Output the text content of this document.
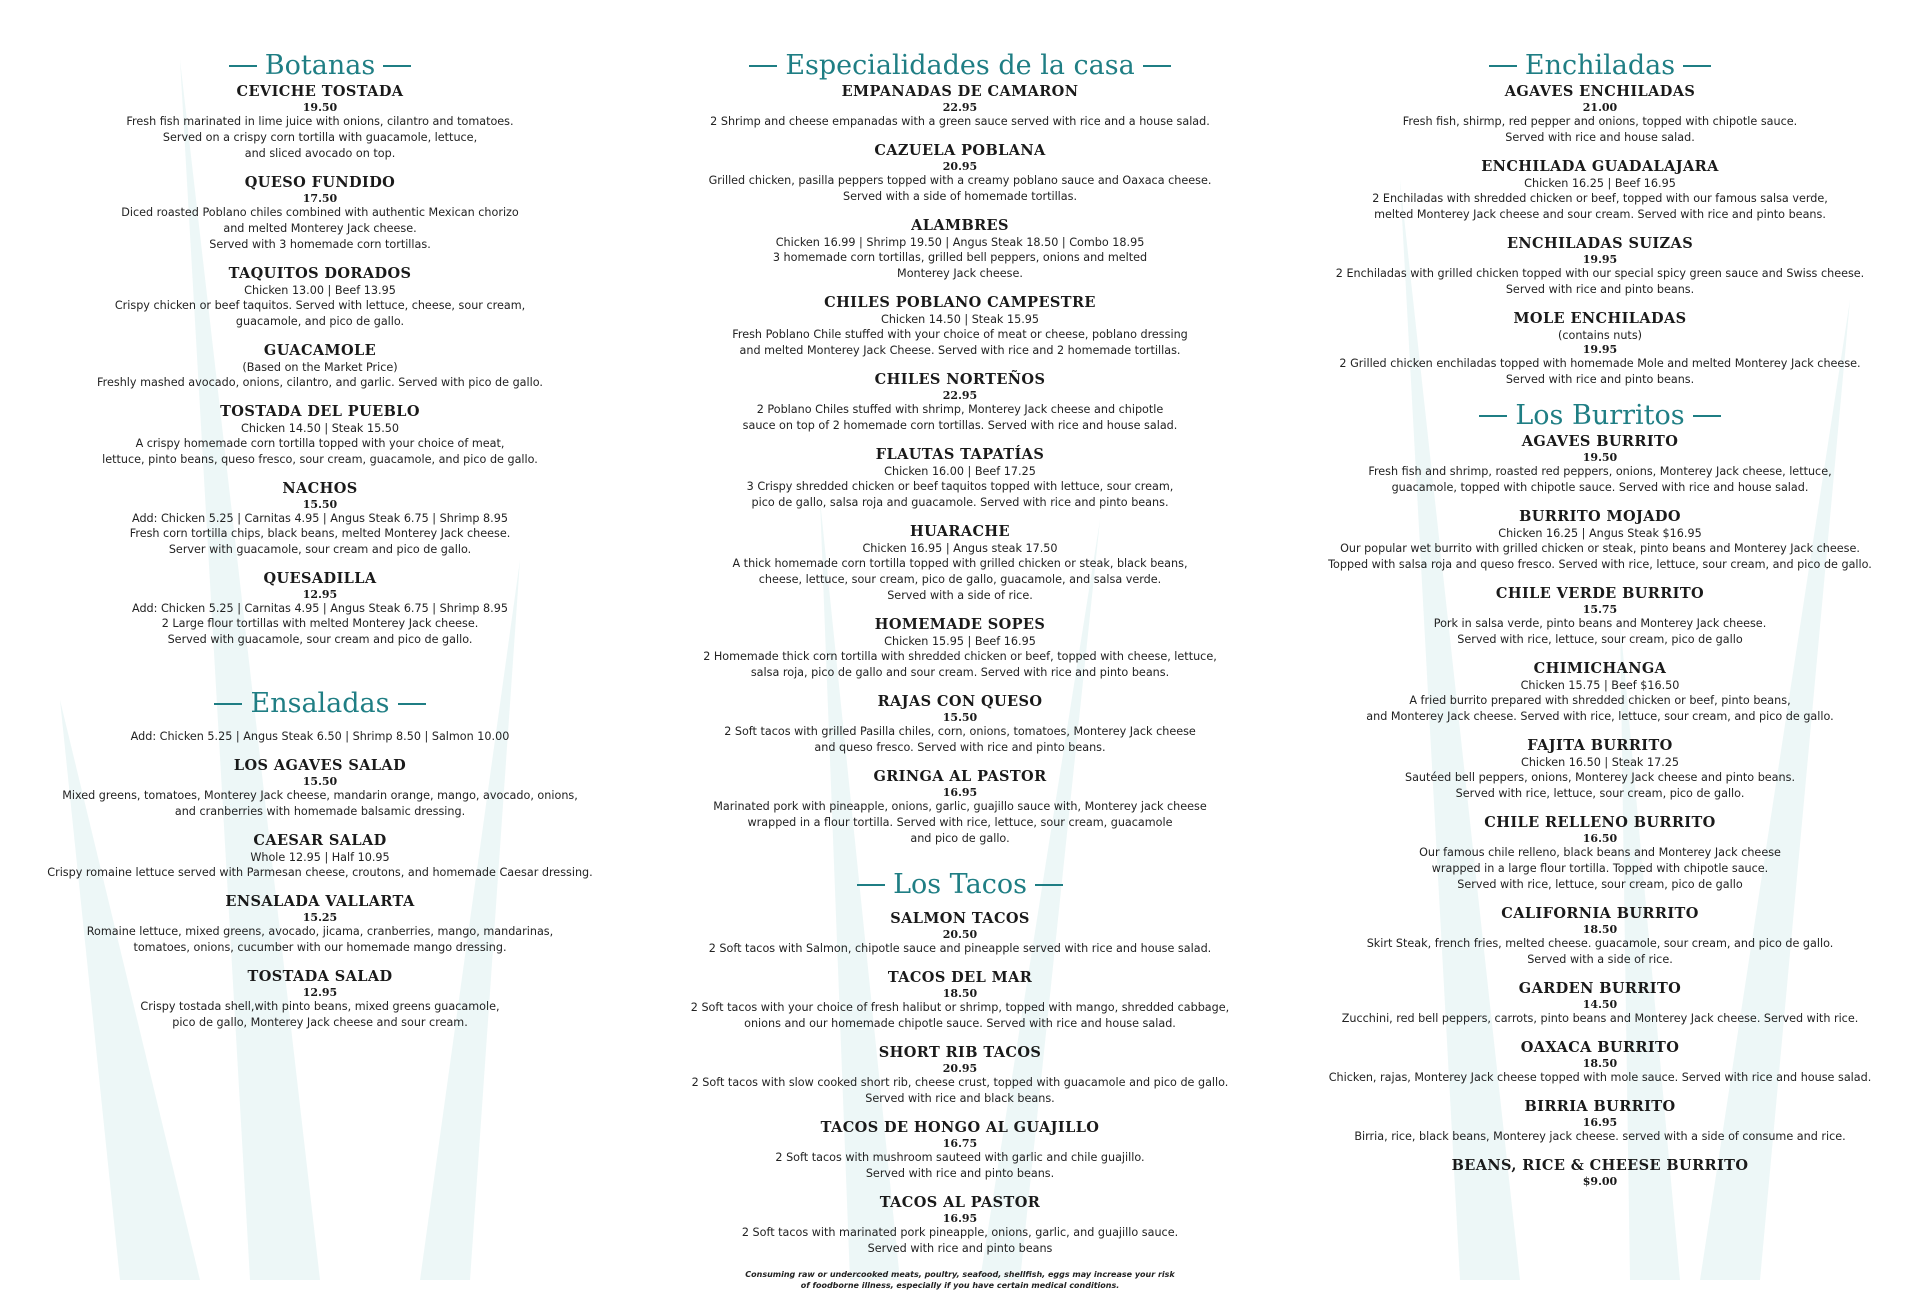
Botanas
CEVICHE TOSTADA
19.50
Fresh fish marinated in lime juice with onions, cilantro and tomatoes.
Served on a crispy corn tortilla with guacamole, lettuce,
and sliced avocado on top.
QUESO FUNDIDO
17.50
Diced roasted Poblano chiles combined with authentic Mexican chorizo
and melted Monterey Jack cheese.
Served with 3 homemade corn tortillas.
TAQUITOS DORADOS
Chicken 13.00 | Beef 13.95
Crispy chicken or beef taquitos. Served with lettuce, cheese, sour cream,
guacamole, and pico de gallo.
GUACAMOLE
(Based on the Market Price)
Freshly mashed avocado, onions, cilantro, and garlic. Served with pico de gallo.
TOSTADA DEL PUEBLO
Chicken 14.50 | Steak 15.50
A crispy homemade corn tortilla topped with your choice of meat,
lettuce, pinto beans, queso fresco, sour cream, guacamole, and pico de gallo.
NACHOS
15.50
Add: Chicken 5.25 | Carnitas 4.95 | Angus Steak 6.75 | Shrimp 8.95
Fresh corn tortilla chips, black beans, melted Monterey Jack cheese.
Server with guacamole, sour cream and pico de gallo.
QUESADILLA
12.95
Add: Chicken 5.25 | Carnitas 4.95 | Angus Steak 6.75 | Shrimp 8.95
2 Large flour tortillas with melted Monterey Jack cheese.
Served with guacamole, sour cream and pico de gallo.
Ensaladas
Add: Chicken 5.25 | Angus Steak 6.50 | Shrimp 8.50 | Salmon 10.00
LOS AGAVES SALAD
15.50
Mixed greens, tomatoes, Monterey Jack cheese, mandarin orange, mango, avocado, onions,
and cranberries with homemade balsamic dressing.
CAESAR SALAD
Whole 12.95 | Half 10.95
Crispy romaine lettuce served with Parmesan cheese, croutons, and homemade Caesar dressing.
ENSALADA VALLARTA
15.25
Romaine lettuce, mixed greens, avocado, jicama, cranberries, mango, mandarinas,
tomatoes, onions, cucumber with our homemade mango dressing.
TOSTADA SALAD
12.95
Crispy tostada shell,with pinto beans, mixed greens guacamole,
pico de gallo, Monterey Jack cheese and sour cream.
Especialidades de la casa
EMPANADAS DE CAMARON
22.95
2 Shrimp and cheese empanadas with a green sauce served with rice and a house salad.
CAZUELA POBLANA
20.95
Grilled chicken, pasilla peppers topped with a creamy poblano sauce and Oaxaca cheese.
Served with a side of homemade tortillas.
ALAMBRES
Chicken 16.99 | Shrimp 19.50 | Angus Steak 18.50 | Combo 18.95
3 homemade corn tortillas, grilled bell peppers, onions and melted
Monterey Jack cheese.
CHILES POBLANO CAMPESTRE
Chicken 14.50 | Steak 15.95
Fresh Poblano Chile stuffed with your choice of meat or cheese, poblano dressing
and melted Monterey Jack Cheese. Served with rice and 2 homemade tortillas.
CHILES NORTEÑOS
22.95
2 Poblano Chiles stuffed with shrimp, Monterey Jack cheese and chipotle
sauce on top of 2 homemade corn tortillas. Served with rice and house salad.
FLAUTAS TAPATÍAS
Chicken 16.00 | Beef 17.25
3 Crispy shredded chicken or beef taquitos topped with lettuce, sour cream,
pico de gallo, salsa roja and guacamole. Served with rice and pinto beans.
HUARACHE
Chicken 16.95 | Angus steak 17.50
A thick homemade corn tortilla topped with grilled chicken or steak, black beans,
cheese, lettuce, sour cream, pico de gallo, guacamole, and salsa verde.
Served with a side of rice.
HOMEMADE SOPES
Chicken 15.95 | Beef 16.95
2 Homemade thick corn tortilla with shredded chicken or beef, topped with cheese, lettuce,
salsa roja, pico de gallo and sour cream. Served with rice and pinto beans.
RAJAS CON QUESO
15.50
2 Soft tacos with grilled Pasilla chiles, corn, onions, tomatoes, Monterey Jack cheese
and queso fresco. Served with rice and pinto beans.
GRINGA AL PASTOR
16.95
Marinated pork with pineapple, onions, garlic, guajillo sauce with, Monterey jack cheese
wrapped in a flour tortilla. Served with rice, lettuce, sour cream, guacamole
and pico de gallo.
Los Tacos
SALMON TACOS
20.50
2 Soft tacos with Salmon, chipotle sauce and pineapple served with rice and house salad.
TACOS DEL MAR
18.50
2 Soft tacos with your choice of fresh halibut or shrimp, topped with mango, shredded cabbage,
onions and our homemade chipotle sauce. Served with rice and house salad.
SHORT RIB TACOS
20.95
2 Soft tacos with slow cooked short rib, cheese crust, topped with guacamole and pico de gallo.
Served with rice and black beans.
TACOS DE HONGO AL GUAJILLO
16.75
2 Soft tacos with mushroom sauteed with garlic and chile guajillo.
Served with rice and pinto beans.
TACOS AL PASTOR
16.95
2 Soft tacos with marinated pork pineapple, onions, garlic, and guajillo sauce.
Served with rice and pinto beans
Consuming raw or undercooked meats, poultry, seafood, shellfish, eggs may increase your risk
of foodborne illness, especially if you have certain medical conditions.
Enchiladas
AGAVES ENCHILADAS
21.00
Fresh fish, shirmp, red pepper and onions, topped with chipotle sauce.
Served with rice and house salad.
ENCHILADA GUADALAJARA
Chicken 16.25 | Beef 16.95
2 Enchiladas with shredded chicken or beef, topped with our famous salsa verde,
melted Monterey Jack cheese and sour cream. Served with rice and pinto beans.
ENCHILADAS SUIZAS
19.95
2 Enchiladas with grilled chicken topped with our special spicy green sauce and Swiss cheese.
Served with rice and pinto beans.
MOLE ENCHILADAS
(contains nuts)
19.95
2 Grilled chicken enchiladas topped with homemade Mole and melted Monterey Jack cheese.
Served with rice and pinto beans.
Los Burritos
AGAVES BURRITO
19.50
Fresh fish and shrimp, roasted red peppers, onions, Monterey Jack cheese, lettuce,
guacamole, topped with chipotle sauce. Served with rice and house salad.
BURRITO MOJADO
Chicken 16.25 | Angus Steak $16.95
Our popular wet burrito with grilled chicken or steak, pinto beans and Monterey Jack cheese.
Topped with salsa roja and queso fresco. Served with rice, lettuce, sour cream, and pico de gallo.
CHILE VERDE BURRITO
15.75
Pork in salsa verde, pinto beans and Monterey Jack cheese.
Served with rice, lettuce, sour cream, pico de gallo
CHIMICHANGA
Chicken 15.75 | Beef $16.50
A fried burrito prepared with shredded chicken or beef, pinto beans,
and Monterey Jack cheese. Served with rice, lettuce, sour cream, and pico de gallo.
FAJITA BURRITO
Chicken 16.50 | Steak 17.25
Sautéed bell peppers, onions, Monterey Jack cheese and pinto beans.
Served with rice, lettuce, sour cream, pico de gallo.
CHILE RELLENO BURRITO
16.50
Our famous chile relleno, black beans and Monterey Jack cheese
wrapped in a large flour tortilla. Topped with chipotle sauce.
Served with rice, lettuce, sour cream, pico de gallo
CALIFORNIA BURRITO
18.50
Skirt Steak, french fries, melted cheese. guacamole, sour cream, and pico de gallo.
Served with a side of rice.
GARDEN BURRITO
14.50
Zucchini, red bell peppers, carrots, pinto beans and Monterey Jack cheese. Served with rice.
OAXACA BURRITO
18.50
Chicken, rajas, Monterey Jack cheese topped with mole sauce. Served with rice and house salad.
BIRRIA BURRITO
16.95
Birria, rice, black beans, Monterey jack cheese. served with a side of consume and rice.
BEANS, RICE & CHEESE BURRITO
$9.00
